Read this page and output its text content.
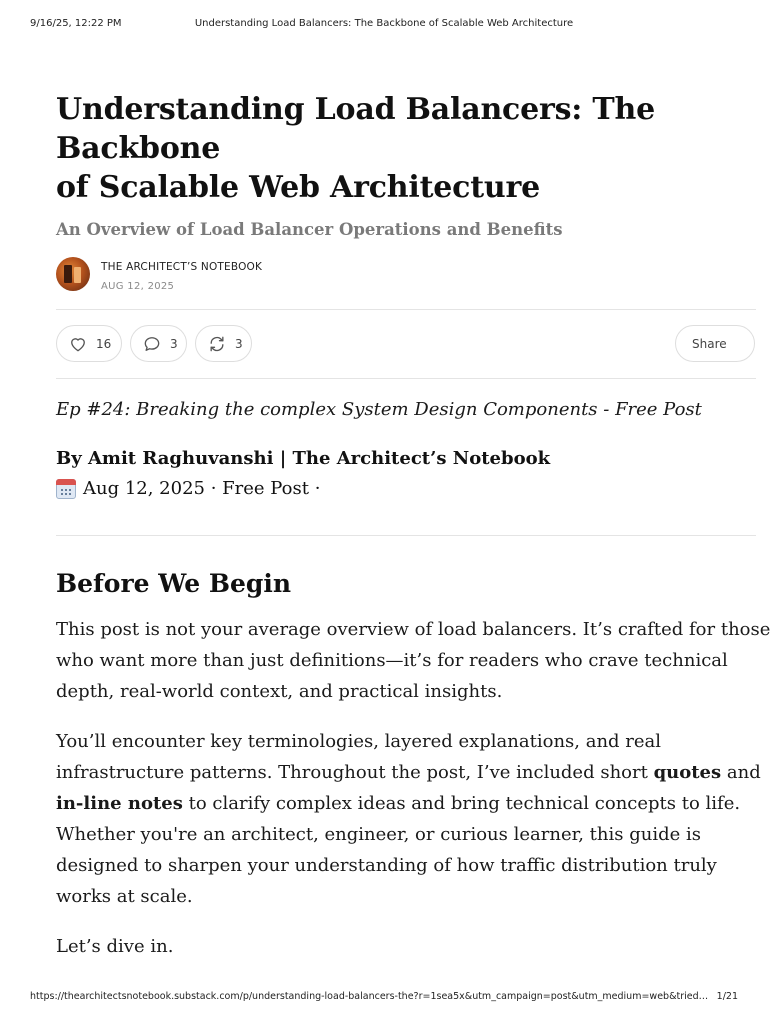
9/16/25, 12:22 PM	Understanding Load Balancers: The Backbone of Scalable Web Architecture
Understanding Load Balancers: The Backbone
of Scalable Web Architecture
An Overview of Load Balancer Operations and Benefits
THE ARCHITECT’S NOTEBOOK
AUG 12, 2025
16	3	3	Share

Ep #24: Breaking the complex System Design Components - Free Post

By Amit Raghuvanshi | The Architect’s Notebook

Aug 12, 2025 · Free Post ·

Before We Begin

This post is not your average overview of load balancers. It’s crafted for those
who want more than just definitions—it’s for readers who crave technical
depth, real-world context, and practical insights.

You’ll encounter key terminologies, layered explanations, and real
infrastructure patterns. Throughout the post, I’ve included short quotes and
in-line notes to clarify complex ideas and bring technical concepts to life.
Whether you're an architect, engineer, or curious learner, this guide is
designed to sharpen your understanding of how traffic distribution truly
works at scale.

Let’s dive in.

https://thearchitectsnotebook.substack.com/p/understanding-load-balancers-the?r=1sea5x&utm_campaign=post&utm_medium=web&tried… 1/21
